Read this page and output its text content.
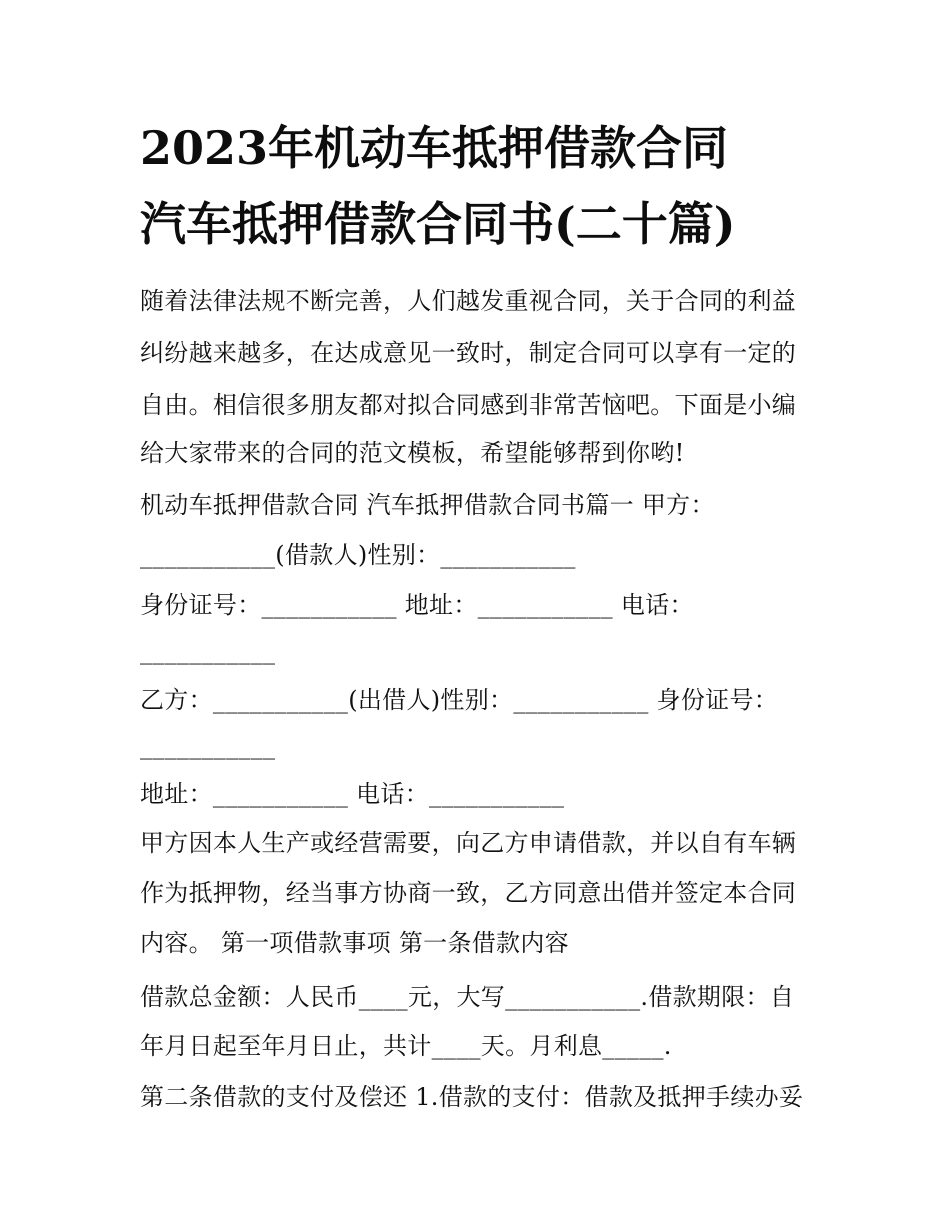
2023年机动车抵押借款合同
汽车抵押借款合同书(二十篇)
随着法律法规不断完善，人们越发重视合同，关于合同的利益
纠纷越来越多，在达成意见一致时，制定合同可以享有一定的
自由。相信很多朋友都对拟合同感到非常苦恼吧。下面是小编
给大家带来的合同的范文模板，希望能够帮到你哟!
机动车抵押借款合同 汽车抵押借款合同书篇一 甲方：
___________(借款人)性别：___________
身份证号：___________ 地址：___________ 电话：
___________
乙方：___________(出借人)性别：___________ 身份证号：
___________
地址：___________ 电话：___________
甲方因本人生产或经营需要，向乙方申请借款，并以自有车辆
作为抵押物，经当事方协商一致，乙方同意出借并签定本合同
内容。 第一项借款事项 第一条借款内容
借款总金额：人民币____元，大写___________.借款期限：自
年月日起至年月日止，共计____天。月利息_____.
第二条借款的支付及偿还 1.借款的支付：借款及抵押手续办妥
